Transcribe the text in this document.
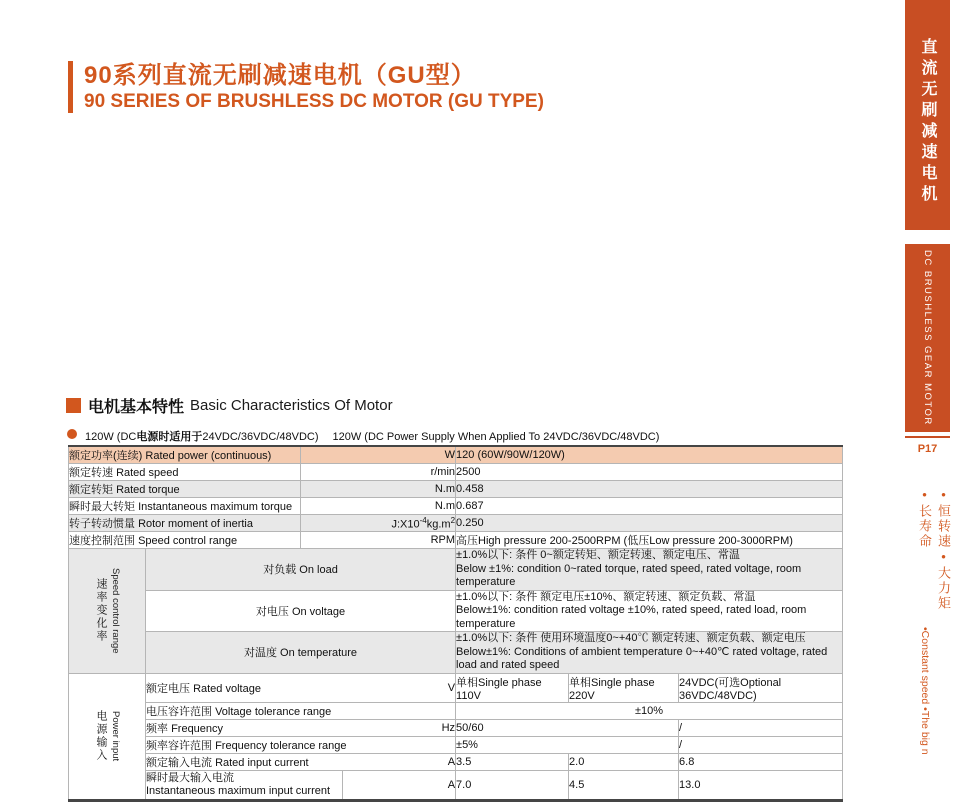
90系列直流无刷减速电机（GU型）
90 SERIES OF BRUSHLESS DC MOTOR (GU TYPE)
电机基本特性 Basic Characteristics Of Motor
120W (DC电源时适用于24VDC/36VDC/48VDC) 120W (DC Power Supply When Applied To 24VDC/36VDC/48VDC)
额定功率(连续) Rated power (continuous)		W		120 (60W/90W/120W)		
额定转速 Rated speed		r/min		2500		
额定转矩 Rated torque		N.m		0.458		
瞬时最大转矩 Instantaneous maximum torque		N.m		0.687		
转子转动惯量 Rotor moment of inertia		$J:X10^{-4}kg.m^2$		0.250		
速度控制范围 Speed control range		RPM		高压High pressure 200-2500RPM (低压Low pressure 200-3000RPM)		

速率变化率 Speed control range	对负载 On load	
±1.0%以下: 条件 0~额定转矩、额定转速、额定电压、常温
Below ±1%: condition 0~rated torque, rated speed, rated voltage, room temperature

	对电压 On voltage			±1.0%以下: 条件 额定电压±10%、额定转速、额定负载、常温
Below±1%: condition rated voltage ±10%, rated speed, rated load, room temperature		

	对温度 On temperature			±1.0%以下: 条件 使用环境温度0~+40℃ 额定转速、额定负载、额定电压
Below±1%: Conditions of ambient temperature 0~+40℃ rated voltage, rated load and rated speed		

电源输入 Power input	额定电压 Rated voltage V			单相Single phase 110V	单相Single phase 220V	24VDC(可选Optional 36VDC/48VDC)

	电压容许范围 Voltage tolerance range			±10%		

	频率 Frequency Hz			50/60		/

	频率容许范围 Frequency tolerance range			±5%		/

	额定输入电流 Rated input current A			3.5	2.0	6.8

	瞬时最大输入电流
Instantaneous maximum input current		A	7.0	4.5	13.0
直流无刷减速电机
DC BRUSHLESS GEAR MOTOR
P17
•恒转速•大力矩•长寿命
•Constant speed •The big n
